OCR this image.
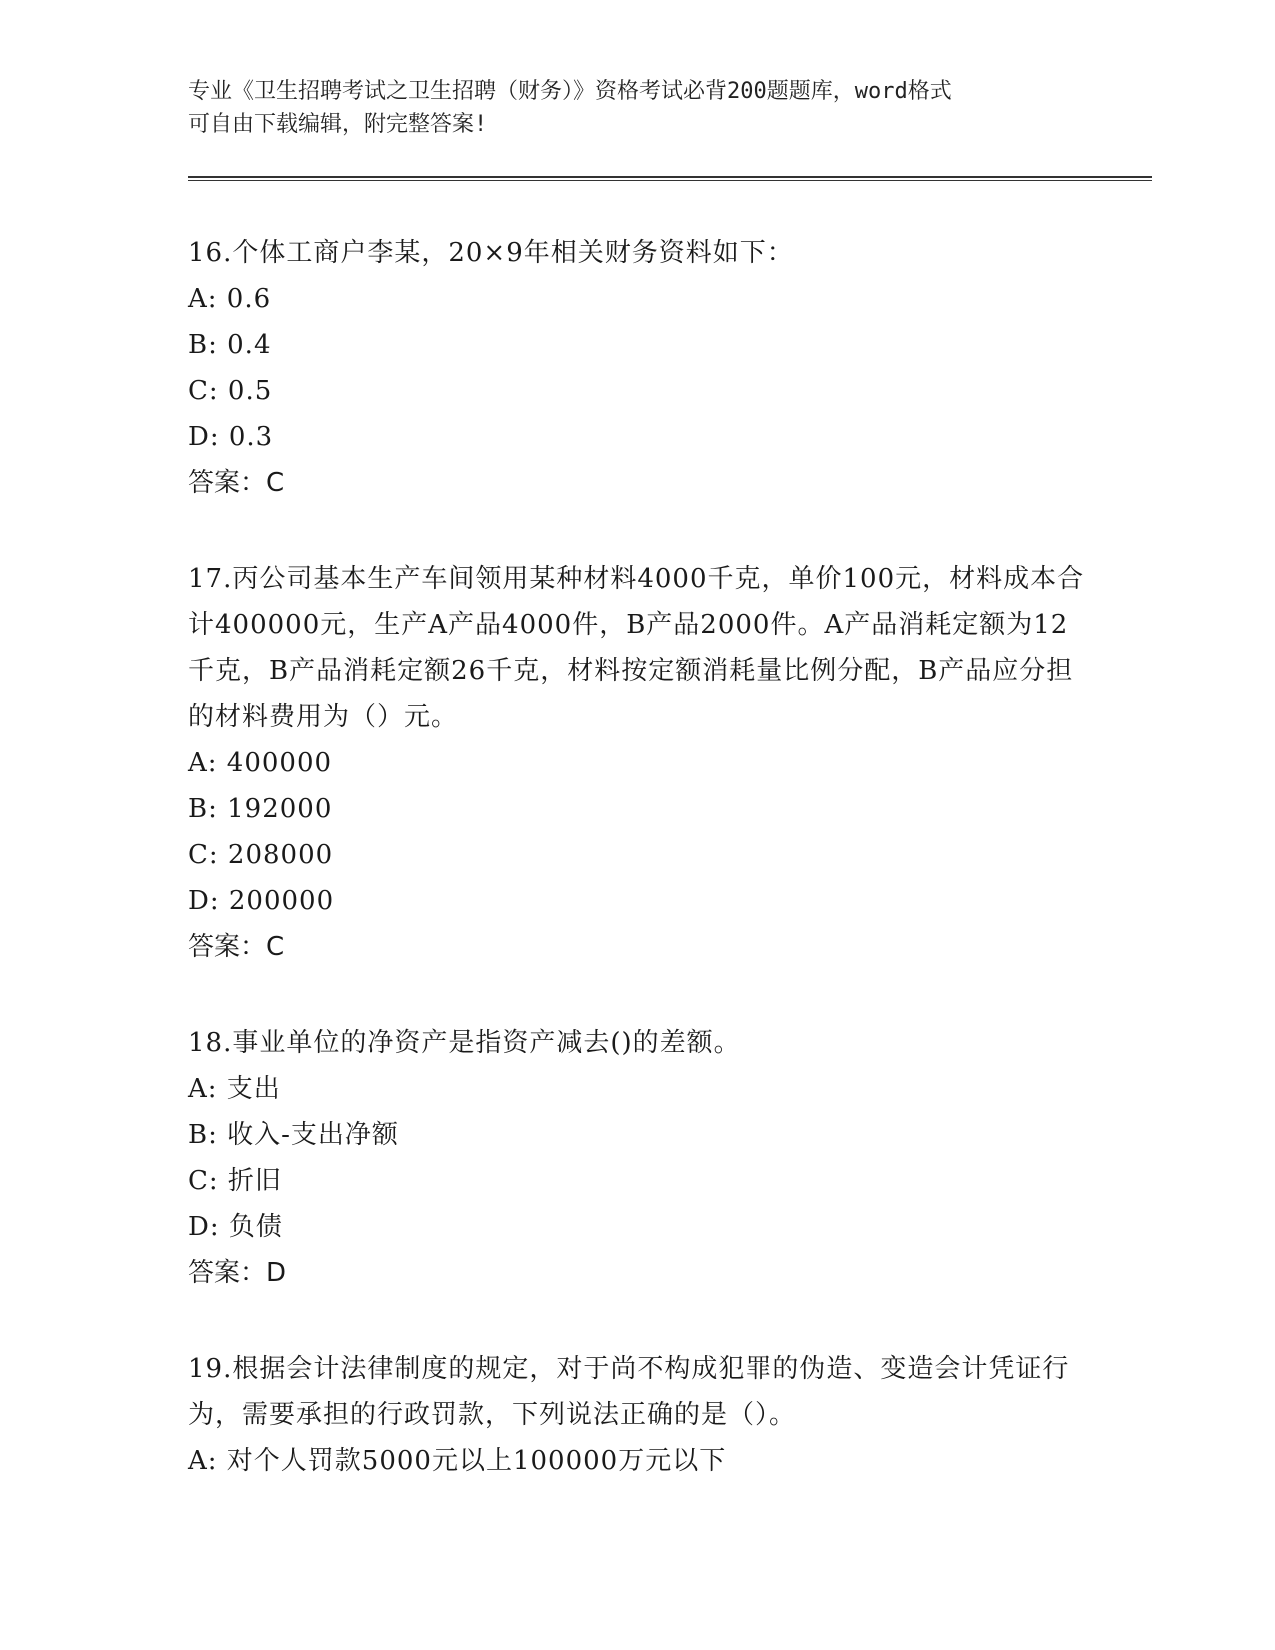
专业《卫生招聘考试之卫生招聘（财务）》资格考试必背200题题库，word格式
可自由下载编辑，附完整答案!

16.个体工商户李某，20×9年相关财务资料如下：

A: 0.6

B: 0.4

C: 0.5

D: 0.3

答案：C

17.丙公司基本生产车间领用某种材料4000千克，单价100元，材料成本合计400000元，生产A产品4000件，B产品2000件。A产品消耗定额为12千克，B产品消耗定额26千克，材料按定额消耗量比例分配，B产品应分担的材料费用为（）元。

A: 400000

B: 192000

C: 208000

D: 200000

答案：C

18.事业单位的净资产是指资产减去()的差额。

A: 支出

B: 收入-支出净额

C: 折旧

D: 负债

答案：D

19.根据会计法律制度的规定，对于尚不构成犯罪的伪造、变造会计凭证行为，需要承担的行政罚款，下列说法正确的是（）。

A: 对个人罚款5000元以上100000万元以下
